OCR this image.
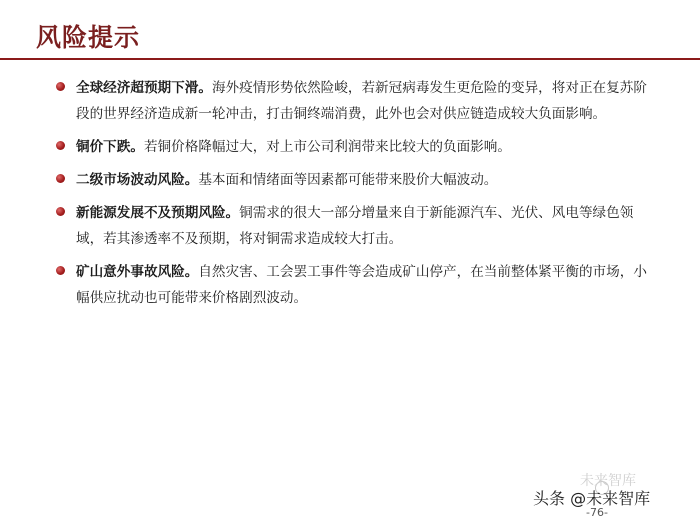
风险提示
全球经济超预期下滑。海外疫情形势依然险峻，若新冠病毒发生更危险的变异，将对正在复苏阶段的世界经济造成新一轮冲击，打击铜终端消费，此外也会对供应链造成较大负面影响。
铜价下跌。若铜价格降幅过大，对上市公司利润带来比较大的负面影响。
二级市场波动风险。基本面和情绪面等因素都可能带来股价大幅波动。
新能源发展不及预期风险。铜需求的很大一部分增量来自于新能源汽车、光伏、风电等绿色领域，若其渗透率不及预期，将对铜需求造成较大打击。
矿山意外事故风险。自然灾害、工会罢工事件等会造成矿山停产，在当前整体紧平衡的市场，小幅供应扰动也可能带来价格剧烈波动。
未来智库
头条 @未来智库
-76-
